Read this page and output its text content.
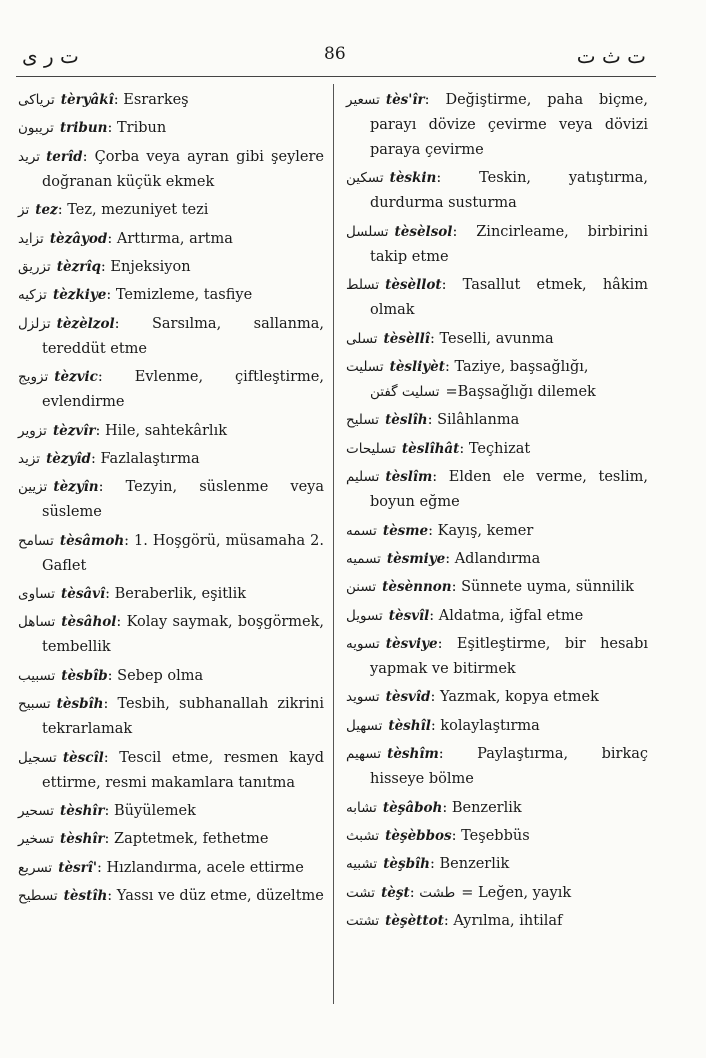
ت ر ی	86	ت ث ت
تریاکی tèryâkî: Esrarkeş
تریبون tribun: Tribun
ترید terîd: Çorba veya ayran gibi şeylere doğranan küçük ekmek
تز tez: Tez, mezuniyet tezi
تزاید tèzâyod: Arttırma, artma
تزریق tèzrîq: Enjeksiyon
تزکیه tèzkiye: Temizleme, tasfiye
تزلزل tèzèlzol: Sarsılma, sallanma, tereddüt etme
تزویج tèzvic: Evlenme, çiftleştirme, evlendirme
تزویر tèzvîr: Hile, sahtekârlık
تزید tèzyîd: Fazlalaştırma
تزیین tèzyîn: Tezyin, süslenme veya süsleme
تسامح tèsâmoh: 1. Hoşgörü, müsamaha 2. Gaflet
تساوی tèsâvî: Beraberlik, eşitlik
تساهل tèsâhol: Kolay saymak, boşgörmek, tembellik
تسبیب tèsbîb: Sebep olma
تسبیح tèsbîh: Tesbih, subhanallah zikrini tekrarlamak
تسجیل tèscîl: Tescil etme, resmen kayd ettirme, resmi makamlara tanıtma
تسحیر tèshîr: Büyülemek
تسخیر tèshîr: Zaptetmek, fethetme
تسریع tèsrî': Hızlandırma, acele ettirme
تسطیح tèstîh: Yassı ve düz etme, düzeltme
تسعیر tès'îr: Değiştirme, paha biçme, parayı dövize çevirme veya dövizi paraya çevirme
تسکین tèskin: Teskin, yatıştırma, durdurma susturma
تسلسل tèsèlsol: Zincirleame, birbirini takip etme
تسلط tèsèllot: Tasallut etmek, hâkim olmak
تسلی tèsèllî: Teselli, avunma
تسلیت tèsliyèt: Taziye, başsağlığı,
تسلیت گفتن =Başsağlığı dilemek
تسلیح tèslîh: Silâhlanma
تسلیحات tèslîhât: Teçhizat
تسلیم tèslîm: Elden ele verme, teslim, boyun eğme
تسمه tèsme: Kayış, kemer
تسمیه tèsmiye: Adlandırma
تسنن tèsènnon: Sünnete uyma, sünnilik
تسویل tèsvîl: Aldatma, iğfal etme
تسویه tèsviye: Eşitleştirme, bir hesabı yapmak ve bitirmek
تسوید tèsvîd: Yazmak, kopya etmek
تسهیل tèshîl: kolaylaştırma
تسهیم tèshîm: Paylaştırma, birkaç hisseye bölme
تشابه tèşâboh: Benzerlik
تشبث tèşèbbos: Teşebbüs
تشبیه tèşbîh: Benzerlik
تشت tèşt: طشت = Leğen, yayık
تشتت tèşèttot: Ayrılma, ihtilaf
